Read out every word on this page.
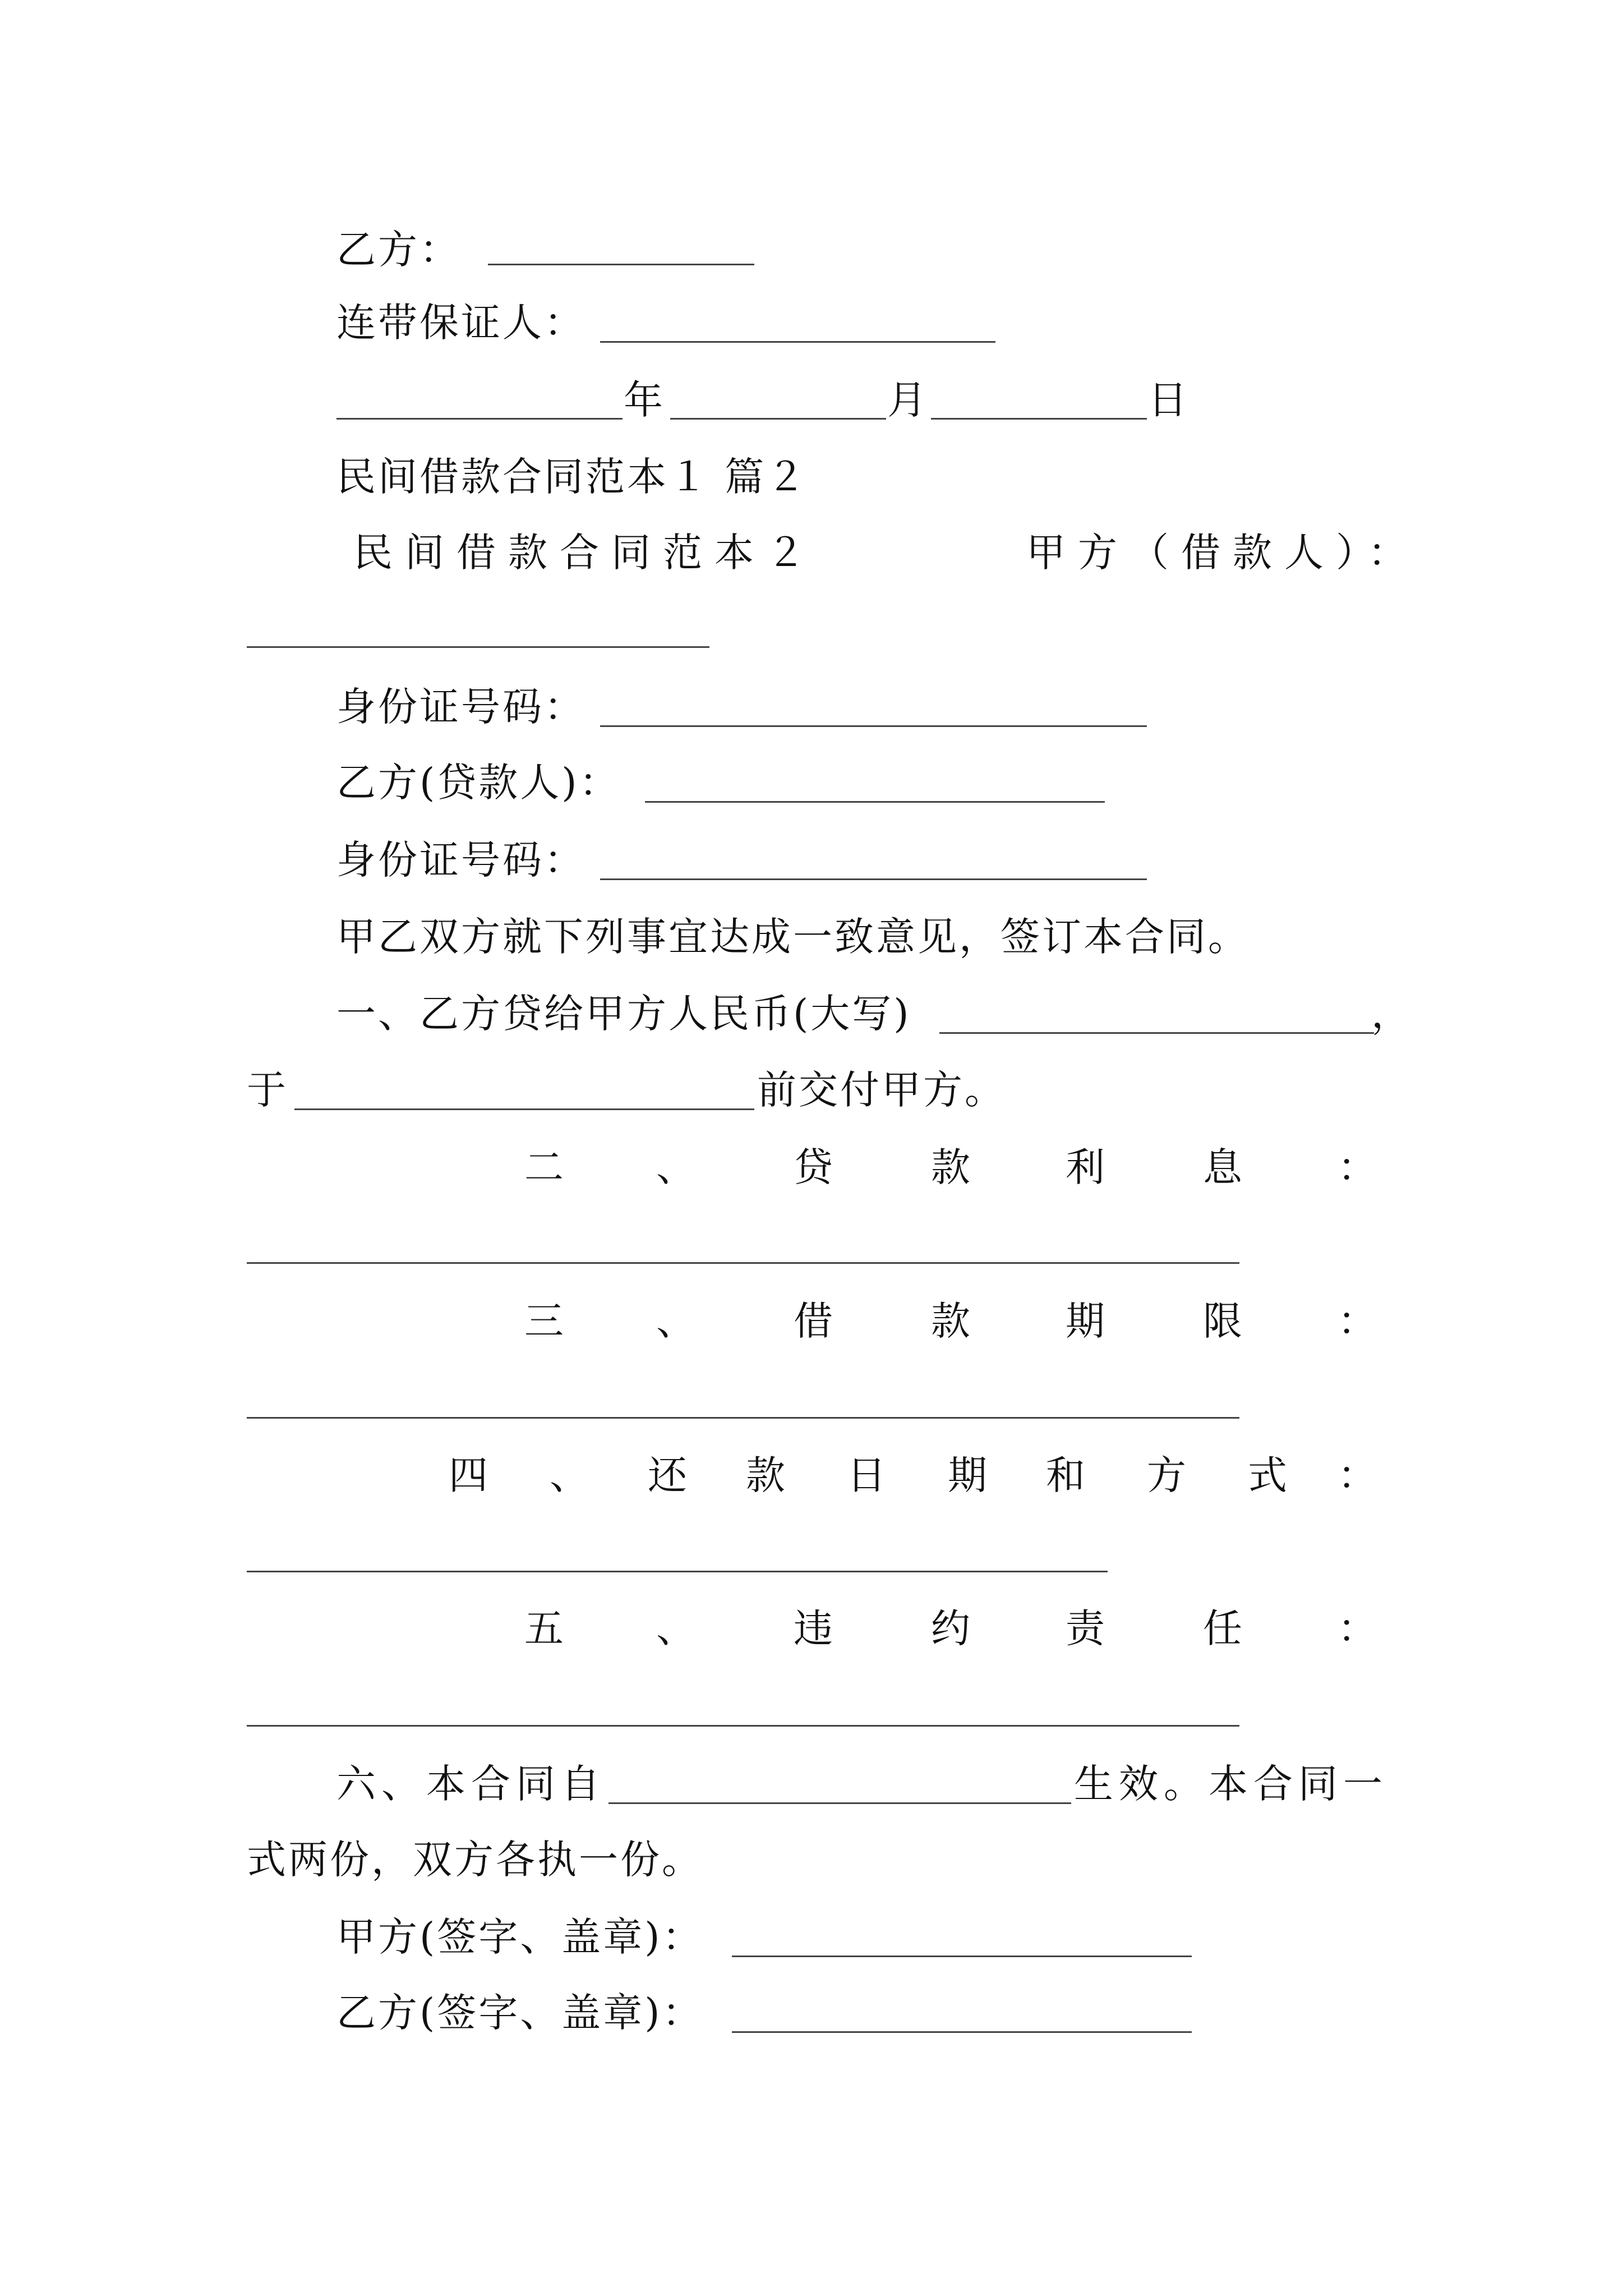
乙方：
连带保证人：
年	月	日
民间借款合同范本１ 篇２
民间借款合同范本２	甲方（借款人）：
身份证号码：
乙方(贷款人)：
身份证号码：
甲乙双方就下列事宜达成一致意见，签订本合同。
一、乙方贷给甲方人民币(大写)	，
于	前交付甲方。
二 、	贷	款 利	息 ：
三 、	借	款 期	限 ：
四 、 还 款 日 期 和 方 式 ：
五 、	违	约 责	任 ：
六、本合同自	生效。本合同一
式两份，双方各执一份。
甲方(签字、盖章)：
乙方(签字、盖章)：
